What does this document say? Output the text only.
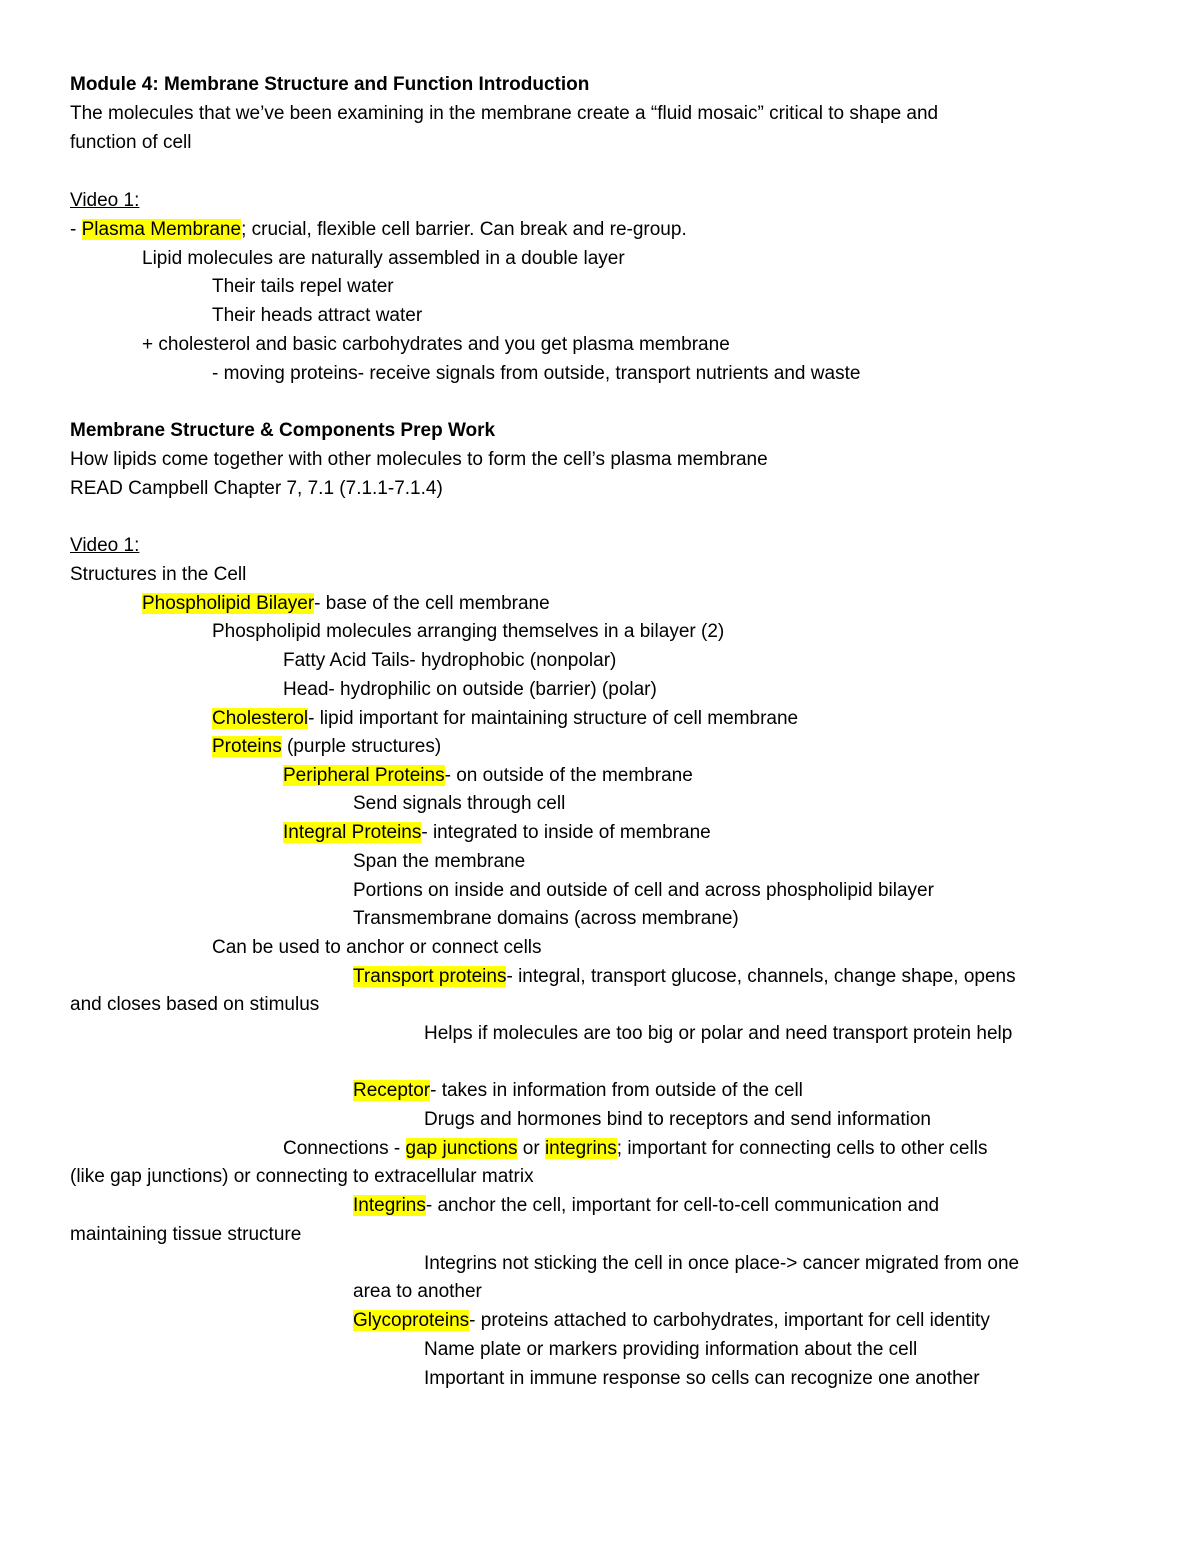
Module 4: Membrane Structure and Function Introduction
The molecules that we’ve been examining in the membrane create a “fluid mosaic” critical to shape and
function of cell
Video 1:
- Plasma Membrane; crucial, flexible cell barrier. Can break and re-group.
Lipid molecules are naturally assembled in a double layer
Their tails repel water
Their heads attract water
+ cholesterol and basic carbohydrates and you get plasma membrane
- moving proteins- receive signals from outside, transport nutrients and waste
Membrane Structure & Components Prep Work
How lipids come together with other molecules to form the cell’s plasma membrane
READ Campbell Chapter 7, 7.1 (7.1.1-7.1.4)
Video 1:
Structures in the Cell
Phospholipid Bilayer- base of the cell membrane
Phospholipid molecules arranging themselves in a bilayer (2)
Fatty Acid Tails- hydrophobic (nonpolar)
Head- hydrophilic on outside (barrier) (polar)
Cholesterol- lipid important for maintaining structure of cell membrane
Proteins (purple structures)
Peripheral Proteins- on outside of the membrane
Send signals through cell
Integral Proteins- integrated to inside of membrane
Span the membrane
Portions on inside and outside of cell and across phospholipid bilayer
Transmembrane domains (across membrane)
Can be used to anchor or connect cells
Transport proteins- integral, transport glucose, channels, change shape, opens
and closes based on stimulus
Helps if molecules are too big or polar and need transport protein help
Receptor- takes in information from outside of the cell
Drugs and hormones bind to receptors and send information
Connections - gap junctions or integrins; important for connecting cells to other cells
(like gap junctions) or connecting to extracellular matrix
Integrins- anchor the cell, important for cell-to-cell communication and
maintaining tissue structure
Integrins not sticking the cell in once place-> cancer migrated from one
area to another
Glycoproteins- proteins attached to carbohydrates, important for cell identity
Name plate or markers providing information about the cell
Important in immune response so cells can recognize one another
